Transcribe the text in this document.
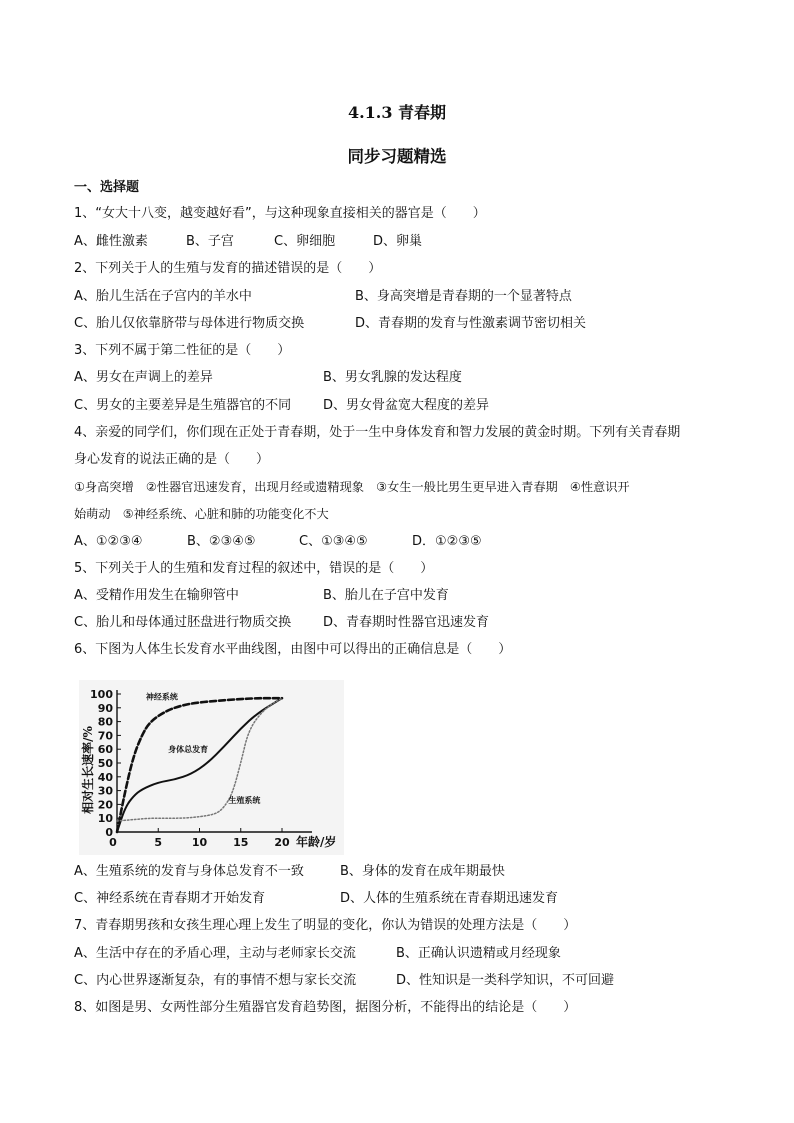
4.1.3 青春期
同步习题精选
一、选择题
1、“女大十八变，越变越好看”，与这种现象直接相关的器官是（　　）
A、雌性激素	B、子宫	C、卵细胞	D、卵巢
2、下列关于人的生殖与发育的描述错误的是（　　）
A、胎儿生活在子宫内的羊水中	B、身高突增是青春期的一个显著特点
C、胎儿仅依靠脐带与母体进行物质交换	D、青春期的发育与性激素调节密切相关
3、下列不属于第二性征的是（　　）
A、男女在声调上的差异	B、男女乳腺的发达程度
C、男女的主要差异是生殖器官的不同 D、男女骨盆宽大程度的差异
4、亲爱的同学们，你们现在正处于青春期，处于一生中身体发育和智力发展的黄金时期。下列有关青春期
身心发育的说法正确的是（　　）
①身高突增　②性器官迅速发育，出现月经或遗精现象　③女生一般比男生更早进入青春期　④性意识开
始萌动　⑤神经系统、心脏和肺的功能变化不大
A、①②③④	B、②③④⑤	C、①③④⑤	D．①②③⑤
5、下列关于人的生殖和发育过程的叙述中，错误的是（　　）
A、受精作用发生在输卵管中	B、胎儿在子宫中发育
C、胎儿和母体通过胚盘进行物质交换 D、青春期时性器官迅速发育
6、下图为人体生长发育水平曲线图，由图中可以得出的正确信息是（　　）
0
10
20
30
40
50
60
70
80
90
100
0	5	10 15 20 年龄/岁
相对生长速率/%
神经系统
身体总发育
生殖系统
A、生殖系统的发育与身体总发育不一致	B、身体的发育在成年期最快
C、神经系统在青春期才开始发育	D、人体的生殖系统在青春期迅速发育
7、青春期男孩和女孩生理心理上发生了明显的变化，你认为错误的处理方法是（　　）
A、生活中存在的矛盾心理，主动与老师家长交流	B、正确认识遗精或月经现象
C、内心世界逐渐复杂，有的事情不想与家长交流	D、性知识是一类科学知识，不可回避
8、如图是男、女两性部分生殖器官发育趋势图，据图分析，不能得出的结论是（　　）
